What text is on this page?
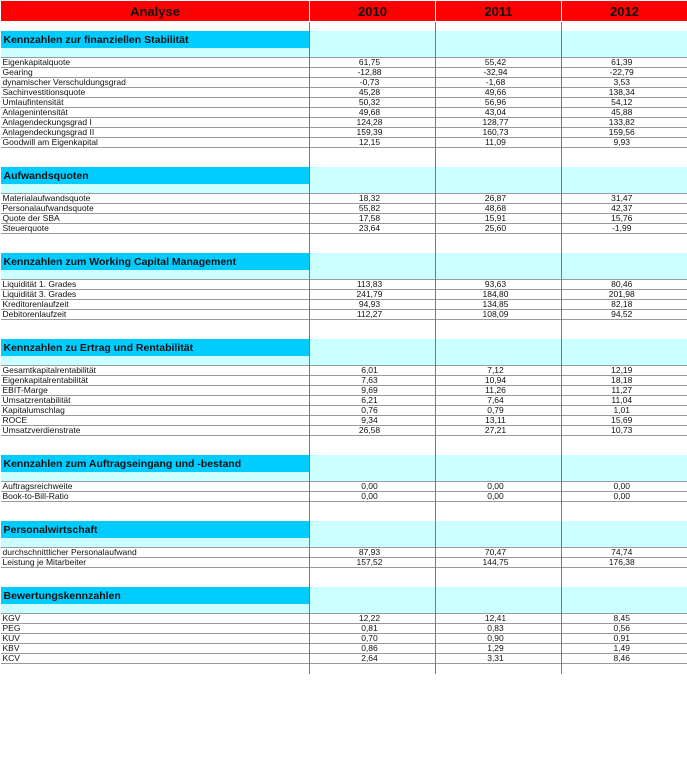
Analyse	2010	2011	2012

Kennzahlen zur finanziellen Stabilität			

Eigenkapitalquote	61,75	55,42	61,39
Gearing	-12,88	-32,94	-22,79
dynamischer Verschuldungsgrad	-0,73	-1,68	3,53
Sachinvestitionsquote	45,28	49,66	138,34
Umlaufintensität	50,32	56,96	54,12
Anlagenintensität	49,68	43,04	45,88
Anlagendeckungsgrad I	124,28	128,77	133,82
Anlagendeckungsgrad II	159,39	160,73	159,56
Goodwill am Eigenkapital	12,15	11,09	9,93

Aufwandsquoten			

Materialaufwandsquote	18,32	26,87	31,47
Personalaufwandsquote	55,82	48,68	42,37
Quote der SBA	17,58	15,91	15,76
Steuerquote	23,64	25,60	-1,99

Kennzahlen zum Working Capital Management			

Liquidität 1. Grades	113,83	93,63	80,46
Liquidität 3. Grades	241,79	184,80	201,98
Kreditorenlaufzeit	94,93	134,85	82,18
Debitorenlaufzeit	112,27	108,09	94,52

Kennzahlen zu Ertrag und Rentabilität			

Gesamtkapitalrentabilität	6,01	7,12	12,19
Eigenkapitalrentabilität	7,63	10,94	18,18
EBIT-Marge	9,69	11,26	11,27
Umsatzrentabilität	6,21	7,64	11,04
Kapitalumschlag	0,76	0,79	1,01
ROCE	9,34	13,11	15,69
Umsatzverdienstrate	26,58	27,21	10,73

Kennzahlen zum Auftragseingang und -bestand			

Auftragsreichweite	0,00	0,00	0,00
Book-to-Bill-Ratio	0,00	0,00	0,00

Personalwirtschaft			

durchschnittlicher Personalaufwand	87,93	70,47	74,74
Leistung je Mitarbeiter	157,52	144,75	176,38

Bewertungskennzahlen			

KGV	12,22	12,41	8,45
PEG	0,81	0,83	0,56
KUV	0,70	0,90	0,91
KBV	0,86	1,29	1,49
KCV	2,64	3,31	8,46
